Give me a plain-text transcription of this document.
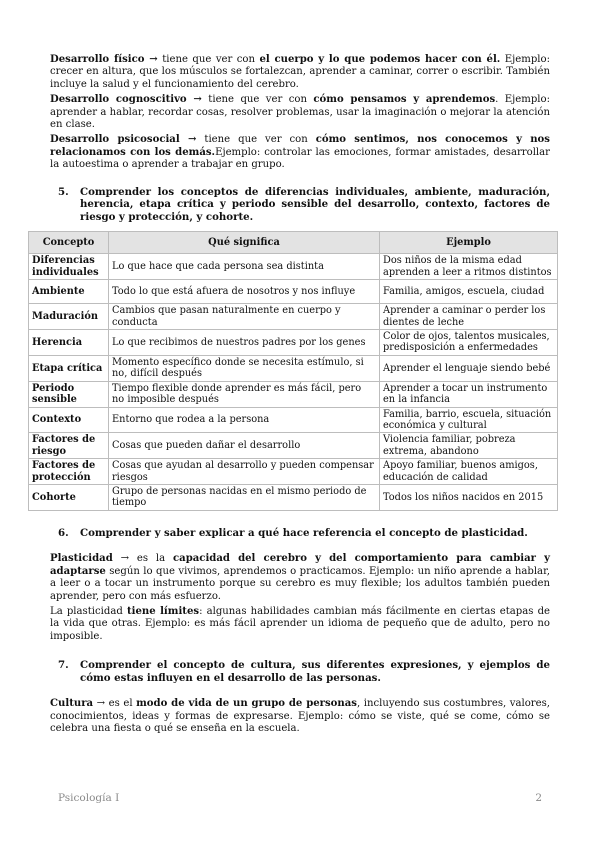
Desarrollo físico → tiene que ver con el cuerpo y lo que podemos hacer con él. Ejemplo: crecer en altura, que los músculos se fortalezcan, aprender a caminar, correr o escribir. También incluye la salud y el funcionamiento del cerebro.

Desarrollo cognoscitivo → tiene que ver con cómo pensamos y aprendemos. Ejemplo: aprender a hablar, recordar cosas, resolver problemas, usar la imaginación o mejorar la atención en clase.

Desarrollo psicosocial → tiene que ver con cómo sentimos, nos conocemos y nos relacionamos con los demás.Ejemplo: controlar las emociones, formar amistades, desarrollar la autoestima o aprender a trabajar en grupo.

5.	Comprender los conceptos de diferencias individuales, ambiente, maduración, herencia, etapa crítica y periodo sensible del desarrollo, contexto, factores de riesgo y protección, y cohorte.
Concepto	Qué significa	Ejemplo
Diferencias individuales	Lo que hace que cada persona sea distinta	Dos niños de la misma edad aprenden a leer a ritmos distintos
Ambiente	Todo lo que está afuera de nosotros y nos influye	Familia, amigos, escuela, ciudad
Maduración	Cambios que pasan naturalmente en cuerpo y conducta	Aprender a caminar o perder los dientes de leche
Herencia	Lo que recibimos de nuestros padres por los genes	Color de ojos, talentos musicales, predisposición a enfermedades
Etapa crítica	Momento específico donde se necesita estímulo, si no, difícil después	Aprender el lenguaje siendo bebé
Periodo sensible	Tiempo flexible donde aprender es más fácil, pero no imposible después	Aprender a tocar un instrumento en la infancia
Contexto	Entorno que rodea a la persona	Familia, barrio, escuela, situación económica y cultural
Factores de riesgo	Cosas que pueden dañar el desarrollo	Violencia familiar, pobreza extrema, abandono
Factores de protección	Cosas que ayudan al desarrollo y pueden compensar riesgos	Apoyo familiar, buenos amigos, educación de calidad
Cohorte	Grupo de personas nacidas en el mismo periodo de tiempo	Todos los niños nacidos en 2015
6.	Comprender y saber explicar a qué hace referencia el concepto de plasticidad.

Plasticidad → es la capacidad del cerebro y del comportamiento para cambiar y adaptarse según lo que vivimos, aprendemos o practicamos. Ejemplo: un niño aprende a hablar, a leer o a tocar un instrumento porque su cerebro es muy flexible; los adultos también pueden aprender, pero con más esfuerzo.

La plasticidad tiene límites: algunas habilidades cambian más fácilmente en ciertas etapas de la vida que otras. Ejemplo: es más fácil aprender un idioma de pequeño que de adulto, pero no imposible.

7.	Comprender el concepto de cultura, sus diferentes expresiones, y ejemplos de cómo estas influyen en el desarrollo de las personas.

Cultura → es el modo de vida de un grupo de personas, incluyendo sus costumbres, valores, conocimientos, ideas y formas de expresarse. Ejemplo: cómo se viste, qué se come, cómo se celebra una fiesta o qué se enseña en la escuela.

Psicología I	2
